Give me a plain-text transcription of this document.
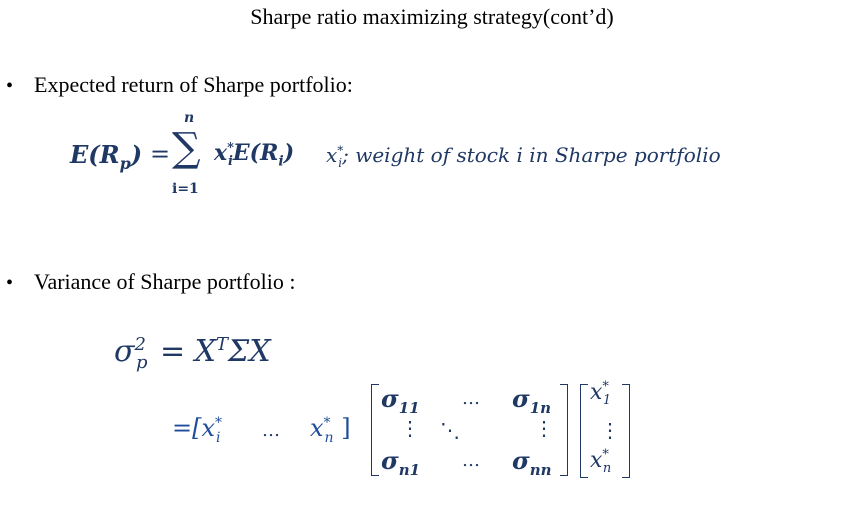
Sharpe ratio maximizing strategy(cont’d)
• Expected return of Sharpe portfolio:
$E(R_p)$ =
n
∑
i=1
$x^*_iE(R_i)$ $x^*_i$; weight of stock i in Sharpe portfolio
• Variance of Sharpe portfolio :
$\sigma^2_p = X^T\Sigma X$
$=[x^*_i$ … $x^*_n$ ]
$\sigma_{11}$ … $\sigma_{1n}$
⋮ ⋱	⋮
$\sigma_{n1}$ … $\sigma_{nn}$
$x^*_1$
⋮
$x^*_n$
